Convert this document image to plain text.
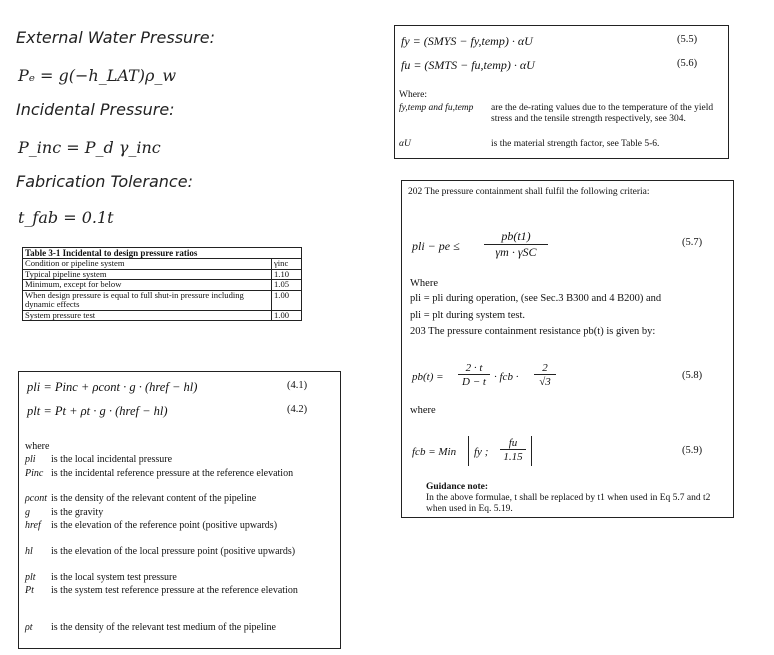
External Water Pressure:
Pₑ = g(−h_LAT)ρ_w
Incidental Pressure:
P_inc = P_d γ_inc
Fabrication Tolerance:
t_fab = 0.1t
Table 3-1 Incidental to design pressure ratios
Condition or pipeline system	γinc
Typical pipeline system	1.10
Minimum, except for below	1.05
When design pressure is equal to full shut-in pressure including dynamic effects	1.00
System pressure test	1.00
pli = Pinc + ρcont · g · (href − hl)	(4.1)
plt = Pt + ρt · g · (href − hl)	(4.2)
where
pli is the local incidental pressure
Pinc is the incidental reference pressure at the reference elevation
ρcont is the density of the relevant content of the pipeline
g is the gravity
href is the elevation of the reference point (positive upwards)
hl is the elevation of the local pressure point (positive upwards)
plt is the local system test pressure
Pt is the system test reference pressure at the reference elevation
ρt is the density of the relevant test medium of the pipeline
fy = (SMYS − fy,temp) · αU	(5.5)
fu = (SMTS − fu,temp) · αU	(5.6)
Where:
fy,temp and fu,temp	are the de-rating values due to the temperature of the yield stress and the tensile strength respectively, see 304.
αU	is the material strength factor, see Table 5-6.
202 The pressure containment shall fulfil the following criteria:
pli − pe ≤
pb(t1)
γm · γSC
(5.7)
Where
pli = pli during operation, (see Sec.3 B300 and 4 B200) and
pli = plt during system test.
203 The pressure containment resistance pb(t) is given by:
pb(t) =
2 · t
D − t · fcb ·
2
√3
(5.8)
where
fcb = Min fy ;
fu
1.15
(5.9)
Guidance note:
In the above formulae, t shall be replaced by t1 when used in Eq 5.7 and t2 when used in Eq. 5.19.
